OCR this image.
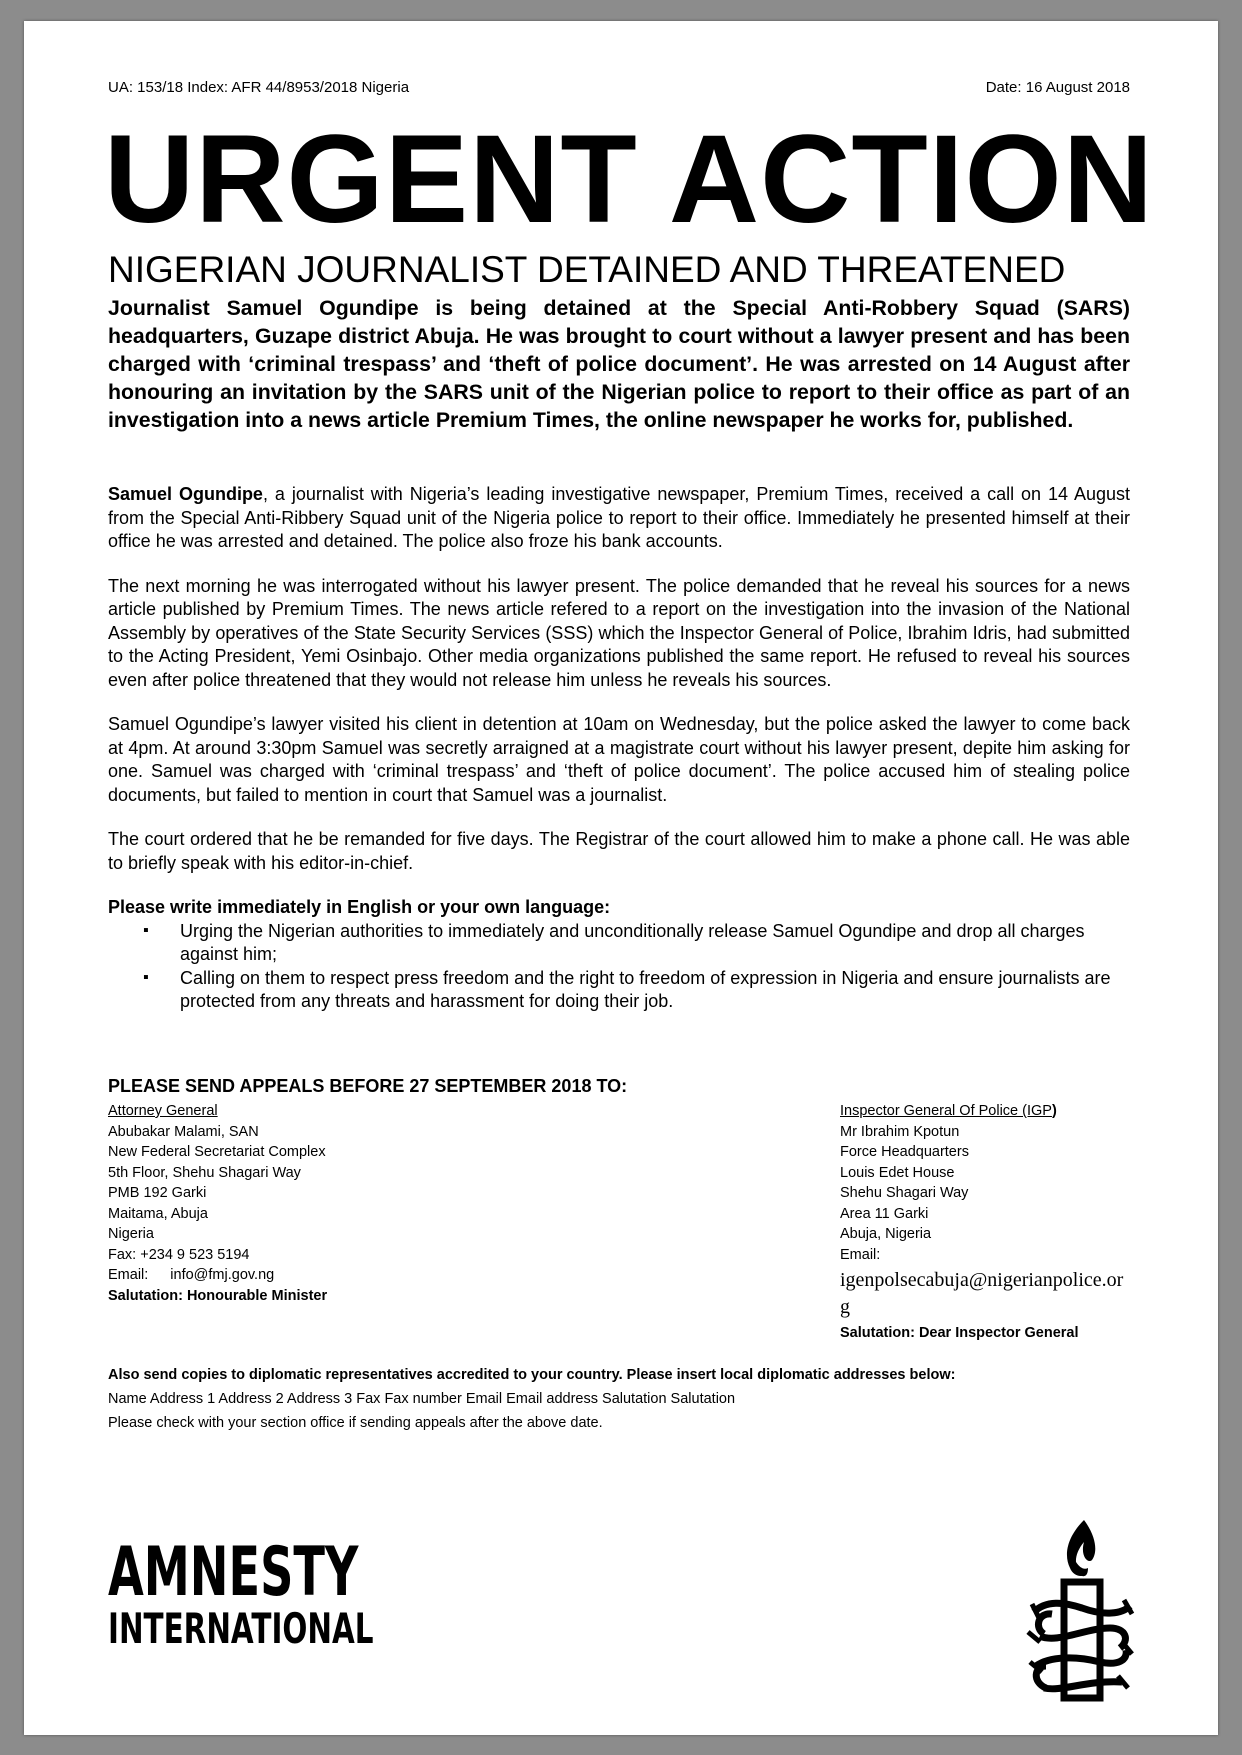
UA: 153/18 Index: AFR 44/8953/2018 Nigeria	Date: 16 August 2018
URGENT ACTION
NIGERIAN JOURNALIST DETAINED AND THREATENED
Journalist Samuel Ogundipe is being detained at the Special Anti-Robbery Squad (SARS) headquarters, Guzape district Abuja. He was brought to court without a lawyer present and has been charged with ‘criminal trespass’ and ‘theft of police document’. He was arrested on 14 August after honouring an invitation by the SARS unit of the Nigerian police to report to their office as part of an investigation into a news article Premium Times, the online newspaper he works for, published.

Samuel Ogundipe, a journalist with Nigeria’s leading investigative newspaper, Premium Times, received a call on 14 August from the Special Anti-Ribbery Squad unit of the Nigeria police to report to their office. Immediately he presented himself at their office he was arrested and detained. The police also froze his bank accounts.

The next morning he was interrogated without his lawyer present. The police demanded that he reveal his sources for a news article published by Premium Times. The news article refered to a report on the investigation into the invasion of the National Assembly by operatives of the State Security Services (SSS) which the Inspector General of Police, Ibrahim Idris, had submitted to the Acting President, Yemi Osinbajo. Other media organizations published the same report. He refused to reveal his sources even after police threatened that they would not release him unless he reveals his sources.

Samuel Ogundipe’s lawyer visited his client in detention at 10am on Wednesday, but the police asked the lawyer to come back at 4pm. At around 3:30pm Samuel was secretly arraigned at a magistrate court without his lawyer present, depite him asking for one. Samuel was charged with ‘criminal trespass’ and ‘theft of police document’. The police accused him of stealing police documents, but failed to mention in court that Samuel was a journalist.

The court ordered that he be remanded for five days. The Registrar of the court allowed him to make a phone call. He was able to briefly speak with his editor-in-chief.

Please write immediately in English or your own language:
▪ Urging the Nigerian authorities to immediately and unconditionally release Samuel Ogundipe and drop all charges against him;
▪ Calling on them to respect press freedom and the right to freedom of expression in Nigeria and ensure journalists are protected from any threats and harassment for doing their job.
PLEASE SEND APPEALS BEFORE 27 SEPTEMBER 2018 TO:
Attorney General
Abubakar Malami, SAN
New Federal Secretariat Complex
5th Floor, Shehu Shagari Way
PMB 192 Garki
Maitama, Abuja
Nigeria
Fax: +234 9 523 5194
Email: info@fmj.gov.ng
Salutation: Honourable Minister
Inspector General Of Police (IGP)
Mr Ibrahim Kpotun
Force Headquarters
Louis Edet House
Shehu Shagari Way
Area 11 Garki
Abuja, Nigeria
Email:
igenpolsecabuja@nigerianpolice.org
Salutation: Dear Inspector General
Also send copies to diplomatic representatives accredited to your country. Please insert local diplomatic addresses below:
Name Address 1 Address 2 Address 3 Fax Fax number Email Email address Salutation Salutation
Please check with your section office if sending appeals after the above date.
AMNESTY
INTERNATIONAL
